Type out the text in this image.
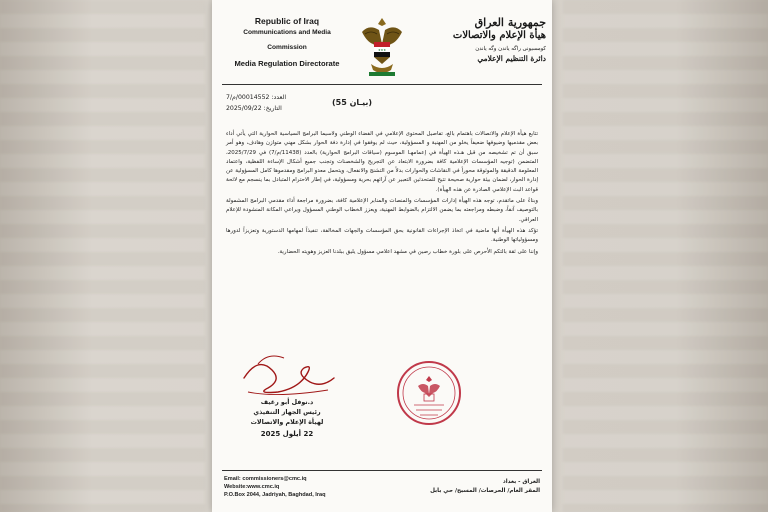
Republic of Iraq
Communications and Media
Commission
Media Regulation Directorate
★★★
جمهورية العراق
هيأة الإعلام والاتصالات
كومسيونى راگه ياندن وگه ياندن
دائرة التنظيم الإعلامي
العدد: 00014552/م/7
التاريخ: 2025/09/22
(بيـان 55)

تتابع هيأة الإعلام والاتصالات باهتمام بالغ، تفاصيل المحتوى الإعلامي في الفضاء الوطني ولاسيما البرامج السياسية الحوارية التي يأتي أداء بعض مقدميها وضيوفها ضعيفاً يخلو من المهنية و المسؤولية، حيث لم يوفقوا في إدارة دفة الحوار بشكل مهني متوازن وهادف، وهو أمر سبق أن تم تشخيصه من قبل هـذه الهيأة في إعمامهـا الموسوم (سياقات البرامج الحوارية) بالعدد (11438/م/7) في 2025/7/29، المتضمن (توجيه المؤسسات الإعلامية كافة بضرورة الابتعاد عن التجريح والشخصنات وتجنب جميع أشكال الإساءة اللفظية، واعتماد المعلومة الدقيقة والموثوقة محوراً في النقاشات والحوارات بدلاً من التشنج والانفعال، ويتحمل معدو البرامج ومقدموها كامل المسؤولية عن إدارة الحوار، لضمان بيئة حوارية صحيحة تتيح للمتحدثين التعبير عن آرائهم بحرية ومسؤولية، في إطار الاحترام المتبادل بما ينسجم مع لائحة قواعد البث الإعلامي الصادرة عن هذه الهيأة).

وبناءً على ماتقدم، توجه هذه الهيأة إدارات المؤسسات والمنصات والمنابر الإعلامية كافة، بضرورة مراجعة أداء مقدمي البرامج المشمولة بالتوصيف آنفاً، وضبطه ومراجعته بما يضمن الالتزام بالضوابط المهنية، ويعزز الخطاب الوطني المسؤول ويراعي المكانة المنشودة للإعلام العراقي.

تؤكد هذه الهيأة أنها ماضية في اتخاذ الإجراءات القانونية بحق المؤسسات والجهات المخالفة، تنفيذاً لمهامها الدستورية وتعزيزاً لدورها ومسؤولياتها الوطنية.

وإننا على ثقة بالتكم الأحرص على بلورة خطاب رصين في مشهد اعلامي مسؤول يليق ببلدنا العزيز وهويته الحضارية.

د.نوفل أبو رغيف
رئيس الجهاز التنفيذي
لهيأة الإعلام والاتصالات
22 أيلول 2025
Email: commissioners@cmc.iq
Website:www.cmc.iq
P.O.Box 2044, Jadriyah, Baghdad, Iraq
العراق - بغداد
المقر العام/ الحرصات/ المسبح/ حي بابل
